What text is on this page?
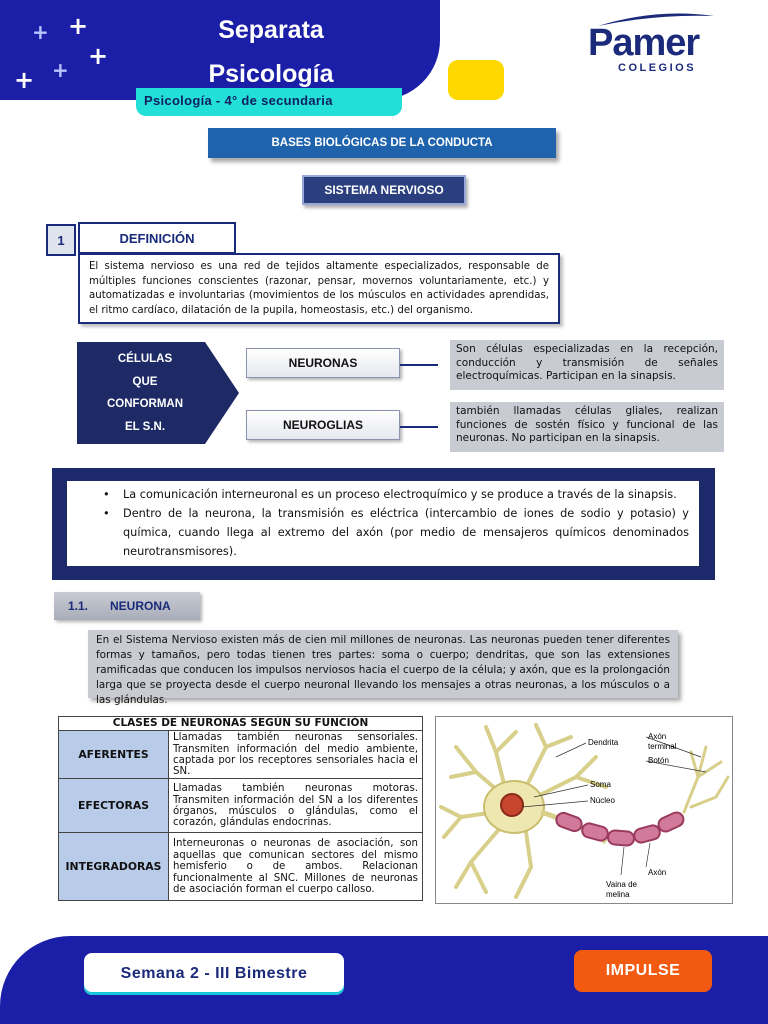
+ +
+
+
+
Separata
Psicología
Psicología - 4° de secundaria
Pamer
COLEGIOS
BASES BIOLÓGICAS DE LA CONDUCTA
SISTEMA NERVIOSO
1	DEFINICIÓN
El sistema nervioso es una red de tejidos altamente especializados, responsable de múltiples funciones conscientes (razonar, pensar, movernos voluntariamente, etc.) y automatizadas e involuntarias (movimientos de los músculos en actividades aprendidas, el ritmo cardíaco, dilatación de la pupila, homeostasis, etc.) del organismo.
CÉLULAS
QUE
CONFORMAN
EL S.N.
NEURONAS
Son células especializadas en la recepción, conducción y transmisión de señales electroquímicas. Participan en la sinapsis.
NEUROGLIAS
también llamadas células gliales, realizan funciones de sostén físico y funcional de las neuronas. No participan en la sinapsis.
• La comunicación interneuronal es un proceso electroquímico y se produce a través de la sinapsis.
• Dentro de la neurona, la transmisión es eléctrica (intercambio de iones de sodio y potasio) y química, cuando llega al extremo del axón (por medio de mensajeros químicos denominados neurotransmisores).
1.1. NEURONA
En el Sistema Nervioso existen más de cien mil millones de neuronas. Las neuronas pueden tener diferentes formas y tamaños, pero todas tienen tres partes: soma o cuerpo; dendritas, que son las extensiones ramificadas que conducen los impulsos nerviosos hacia el cuerpo de la célula; y axón, que es la prolongación larga que se proyecta desde el cuerpo neuronal llevando los mensajes a otras neuronas, a los músculos o a las glándulas.
CLASES DE NEURONAS SEGÚN SU FUNCIÓN	
AFERENTES	Llamadas también neuronas sensoriales. Transmiten información del medio ambiente, captada por los receptores sensoriales hacia el SN.
EFECTORAS	Llamadas también neuronas motoras. Transmiten información del SN a los diferentes órganos, músculos o glándulas, como el corazón, glándulas endocrinas.
INTEGRADORAS	Interneuronas o neuronas de asociación, son aquellas que comunican sectores del mismo hemisferio o de ambos. Relacionan funcionalmente al SNC. Millones de neuronas de asociación forman el cuerpo calloso.
Dendrita
Axón
terminal
Botón
Soma
Núcleo
Axón
Vaina de
melina
Semana 2 - III Bimestre	IMPULSE
